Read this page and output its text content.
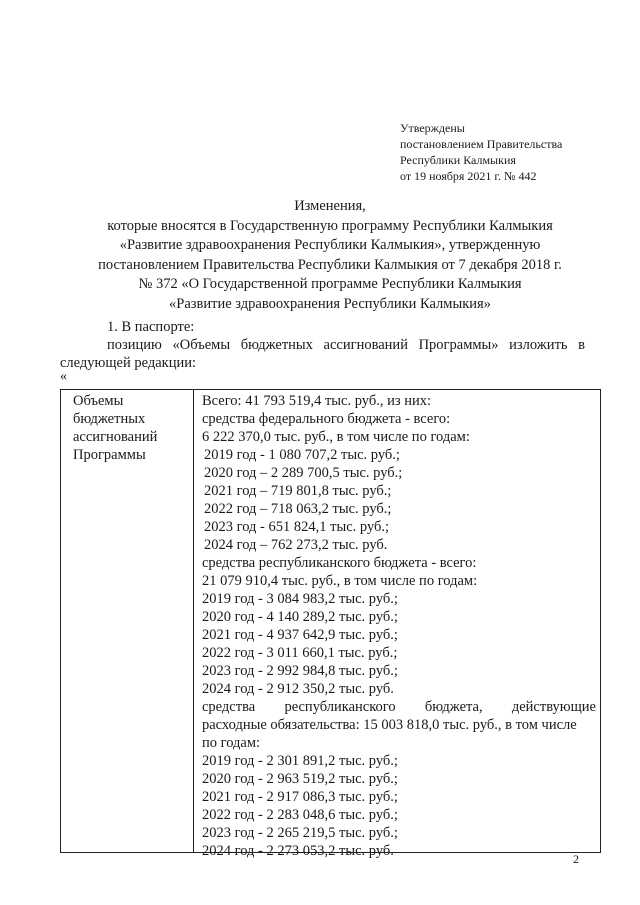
Утверждены
постановлением Правительства
Республики Калмыкия
от 19 ноября 2021 г. № 442
Изменения,
которые вносятся в Государственную программу Республики Калмыкия
«Развитие здравоохранения Республики Калмыкия», утвержденную
постановлением Правительства Республики Калмыкия от 7 декабря 2018 г.
№ 372 «О Государственной программе Республики Калмыкия
«Развитие здравоохранения Республики Калмыкия»
1. В паспорте:
позицию «Объемы бюджетных ассигнований Программы» изложить в
следующей редакции:
«
Объемы
бюджетных
ассигнований
Программы
Всего: 41 793 519,4 тыс. руб., из них:
средства федерального бюджета - всего:
6 222 370,0 тыс. руб., в том числе по годам:
2019 год - 1 080 707,2 тыс. руб.;
2020 год – 2 289 700,5 тыс. руб.;
2021 год – 719 801,8 тыс. руб.;
2022 год – 718 063,2 тыс. руб.;
2023 год - 651 824,1 тыс. руб.;
2024 год – 762 273,2 тыс. руб.
средства республиканского бюджета - всего:
21 079 910,4 тыс. руб., в том числе по годам:
2019 год - 3 084 983,2 тыс. руб.;
2020 год - 4 140 289,2 тыс. руб.;
2021 год - 4 937 642,9 тыс. руб.;
2022 год - 3 011 660,1 тыс. руб.;
2023 год - 2 992 984,8 тыс. руб.;
2024 год - 2 912 350,2 тыс. руб.
средства республиканского бюджета, действующие
расходные обязательства: 15 003 818,0 тыс. руб., в том числе
по годам:
2019 год - 2 301 891,2 тыс. руб.;
2020 год - 2 963 519,2 тыс. руб.;
2021 год - 2 917 086,3 тыс. руб.;
2022 год - 2 283 048,6 тыс. руб.;
2023 год - 2 265 219,5 тыс. руб.;
2024 год - 2 273 053,2 тыс. руб.	2
